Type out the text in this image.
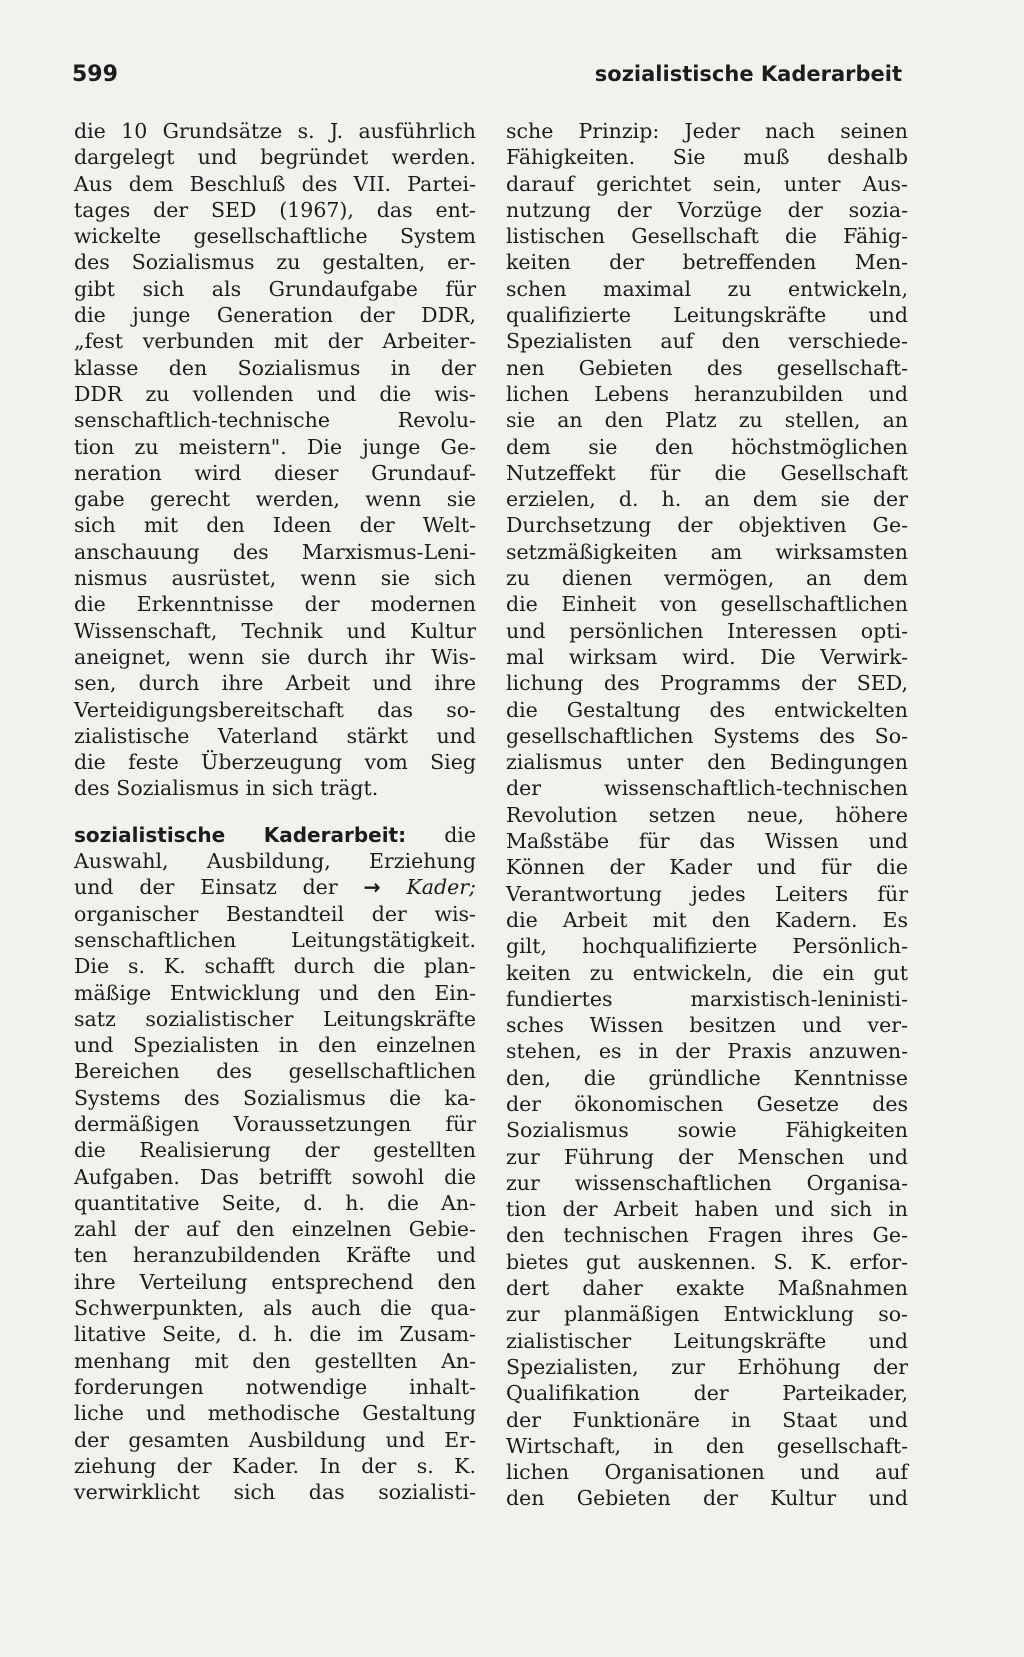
599	sozialistische Kaderarbeit
die 10 Grundsätze s. J. ausführlich
dargelegt und begründet werden.
Aus dem Beschluß des VII. Partei-
tages der SED (1967), das ent-
wickelte gesellschaftliche System
des Sozialismus zu gestalten, er-
gibt sich als Grundaufgabe für
die junge Generation der DDR,
„fest verbunden mit der Arbeiter-
klasse den Sozialismus in der
DDR zu vollenden und die wis-
senschaftlich-technische Revolu-
tion zu meistern". Die junge Ge-
neration wird dieser Grundauf-
gabe gerecht werden, wenn sie
sich mit den Ideen der Welt-
anschauung des Marxismus-Leni-
nismus ausrüstet, wenn sie sich
die Erkenntnisse der modernen
Wissenschaft, Technik und Kultur
aneignet, wenn sie durch ihr Wis-
sen, durch ihre Arbeit und ihre
Verteidigungsbereitschaft das so-
zialistische Vaterland stärkt und
die feste Überzeugung vom Sieg
des Sozialismus in sich trägt.
sozialistische Kaderarbeit: die
Auswahl, Ausbildung, Erziehung
und der Einsatz der → Kader;
organischer Bestandteil der wis-
senschaftlichen Leitungstätigkeit.
Die s. K. schafft durch die plan-
mäßige Entwicklung und den Ein-
satz sozialistischer Leitungskräfte
und Spezialisten in den einzelnen
Bereichen des gesellschaftlichen
Systems des Sozialismus die ka-
dermäßigen Voraussetzungen für
die Realisierung der gestellten
Aufgaben. Das betrifft sowohl die
quantitative Seite, d. h. die An-
zahl der auf den einzelnen Gebie-
ten heranzubildenden Kräfte und
ihre Verteilung entsprechend den
Schwerpunkten, als auch die qua-
litative Seite, d. h. die im Zusam-
menhang mit den gestellten An-
forderungen notwendige inhalt-
liche und methodische Gestaltung
der gesamten Ausbildung und Er-
ziehung der Kader. In der s. K.
verwirklicht sich das sozialisti-
sche Prinzip: Jeder nach seinen
Fähigkeiten. Sie muß deshalb
darauf gerichtet sein, unter Aus-
nutzung der Vorzüge der sozia-
listischen Gesellschaft die Fähig-
keiten der betreffenden Men-
schen maximal zu entwickeln,
qualifizierte Leitungskräfte und
Spezialisten auf den verschiede-
nen Gebieten des gesellschaft-
lichen Lebens heranzubilden und
sie an den Platz zu stellen, an
dem sie den höchstmöglichen
Nutzeffekt für die Gesellschaft
erzielen, d. h. an dem sie der
Durchsetzung der objektiven Ge-
setzmäßigkeiten am wirksamsten
zu dienen vermögen, an dem
die Einheit von gesellschaftlichen
und persönlichen Interessen opti-
mal wirksam wird. Die Verwirk-
lichung des Programms der SED,
die Gestaltung des entwickelten
gesellschaftlichen Systems des So-
zialismus unter den Bedingungen
der wissenschaftlich-technischen
Revolution setzen neue, höhere
Maßstäbe für das Wissen und
Können der Kader und für die
Verantwortung jedes Leiters für
die Arbeit mit den Kadern. Es
gilt, hochqualifizierte Persönlich-
keiten zu entwickeln, die ein gut
fundiertes marxistisch-leninisti-
sches Wissen besitzen und ver-
stehen, es in der Praxis anzuwen-
den, die gründliche Kenntnisse
der ökonomischen Gesetze des
Sozialismus sowie Fähigkeiten
zur Führung der Menschen und
zur wissenschaftlichen Organisa-
tion der Arbeit haben und sich in
den technischen Fragen ihres Ge-
bietes gut auskennen. S. K. erfor-
dert daher exakte Maßnahmen
zur planmäßigen Entwicklung so-
zialistischer Leitungskräfte und
Spezialisten, zur Erhöhung der
Qualifikation der Parteikader,
der Funktionäre in Staat und
Wirtschaft, in den gesellschaft-
lichen Organisationen und auf
den Gebieten der Kultur und
